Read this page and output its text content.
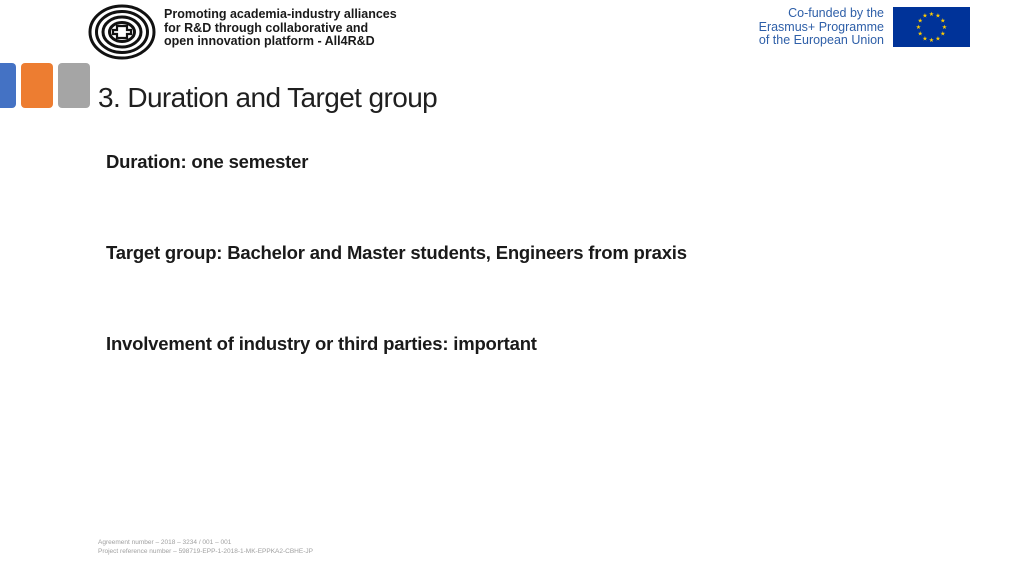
Promoting academia-industry alliances
for R&D through collaborative and
open innovation platform - All4R&D
Co-funded by the
Erasmus+ Programme
of the European Union
★ ★
★
★
★
★
★
★
★
★
★
★
3. Duration and Target group
Duration: one semester
Target group: Bachelor and Master students, Engineers from praxis
Involvement of industry or third parties: important
Agreement number – 2018 – 3234 / 001 – 001
Project reference number – 598719-EPP-1-2018-1-MK-EPPKA2-CBHE-JP
